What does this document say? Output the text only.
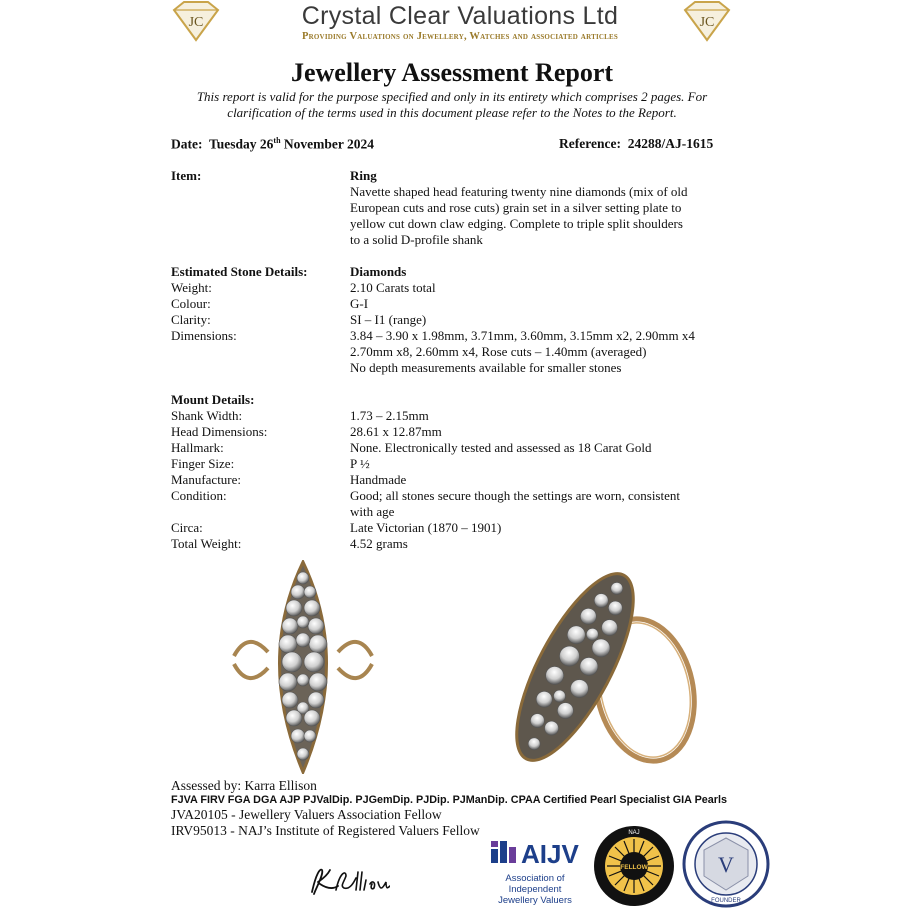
JC	JC
Crystal Clear Valuations Ltd
Providing Valuations on Jewellery, Watches and associated articles
Jewellery Assessment Report
This report is valid for the purpose specified and only in its entirety which comprises 2 pages. For
clarification of the terms used in this document please refer to the Notes to the Report.
Date: Tuesday 26th November 2024	Reference: 24288/AJ-1615
Item:	Ring
Navette shaped head featuring twenty nine diamonds (mix of old
European cuts and rose cuts) grain set in a silver setting plate to
yellow cut down claw edging. Complete to triple split shoulders
to a solid D-profile shank
Estimated Stone Details:	Diamonds
Weight:	2.10 Carats total
Colour:	G-I
Clarity:	SI – I1 (range)
Dimensions:	3.84 – 3.90 x 1.98mm, 3.71mm, 3.60mm, 3.15mm x2, 2.90mm x4
2.70mm x8, 2.60mm x4, Rose cuts – 1.40mm (averaged)
No depth measurements available for smaller stones
Mount Details:
Shank Width:	1.73 – 2.15mm
Head Dimensions:	28.61 x 12.87mm
Hallmark:	None. Electronically tested and assessed as 18 Carat Gold
Finger Size:	P ½
Manufacture:	Handmade
Condition:	Good; all stones secure though the settings are worn, consistent
with age
Circa:	Late Victorian (1870 – 1901)
Total Weight:	4.52 grams
Assessed by: Karra Ellison
FJVA FIRV FGA DGA AJP PJValDip. PJGemDip. PJDip. PJManDip. CPAA Certified Pearl Specialist GIA Pearls
JVA20105 - Jewellery Valuers Association Fellow
IRV95013 - NAJ’s Institute of Registered Valuers Fellow
AIJV
Association of
Independent
Jewellery Valuers
FELLOW
NAJ
V
FOUNDER
